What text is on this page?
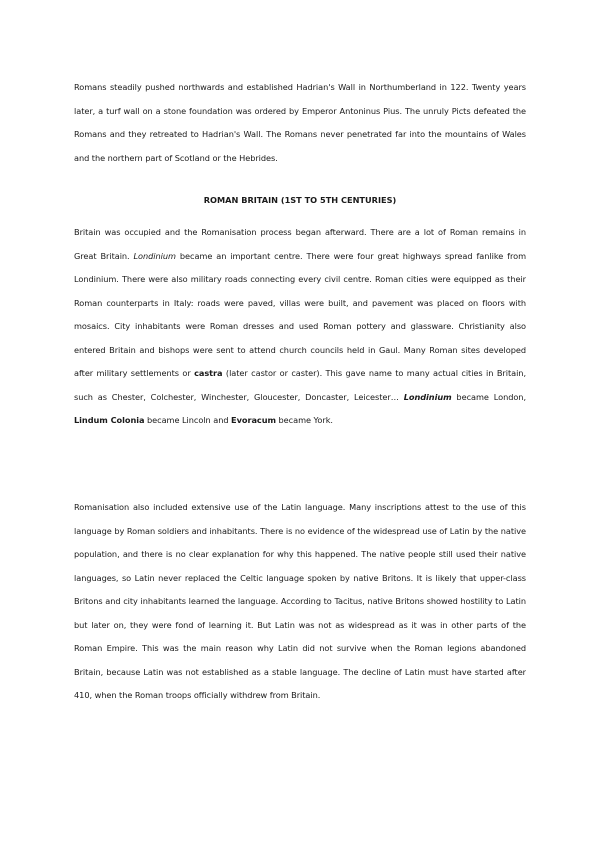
Romans steadily pushed northwards and established Hadrian's Wall in Northumberland in 122. Twenty years later, a turf wall on a stone foundation was ordered by Emperor Antoninus Pius. The unruly Picts defeated the Romans and they retreated to Hadrian's Wall. The Romans never penetrated far into the mountains of Wales and the northern part of Scotland or the Hebrides.

ROMAN BRITAIN (1ST TO 5TH CENTURIES)

Britain was occupied and the Romanisation process began afterward. There are a lot of Roman remains in Great Britain. Londinium became an important centre. There were four great highways spread fanlike from Londinium. There were also military roads connecting every civil centre. Roman cities were equipped as their Roman counterparts in Italy: roads were paved, villas were built, and pavement was placed on floors with mosaics. City inhabitants were Roman dresses and used Roman pottery and glassware. Christianity also entered Britain and bishops were sent to attend church councils held in Gaul. Many Roman sites developed after military settlements or castra (later castor or caster). This gave name to many actual cities in Britain, such as Chester, Colchester, Winchester, Gloucester, Doncaster, Leicester… Londinium became London, Lindum Colonia became Lincoln and Evoracum became York.

Romanisation also included extensive use of the Latin language. Many inscriptions attest to the use of this language by Roman soldiers and inhabitants. There is no evidence of the widespread use of Latin by the native population, and there is no clear explanation for why this happened. The native people still used their native languages, so Latin never replaced the Celtic language spoken by native Britons. It is likely that upper-class Britons and city inhabitants learned the language. According to Tacitus, native Britons showed hostility to Latin but later on, they were fond of learning it. But Latin was not as widespread as it was in other parts of the Roman Empire. This was the main reason why Latin did not survive when the Roman legions abandoned Britain, because Latin was not established as a stable language. The decline of Latin must have started after 410, when the Roman troops officially withdrew from Britain.
